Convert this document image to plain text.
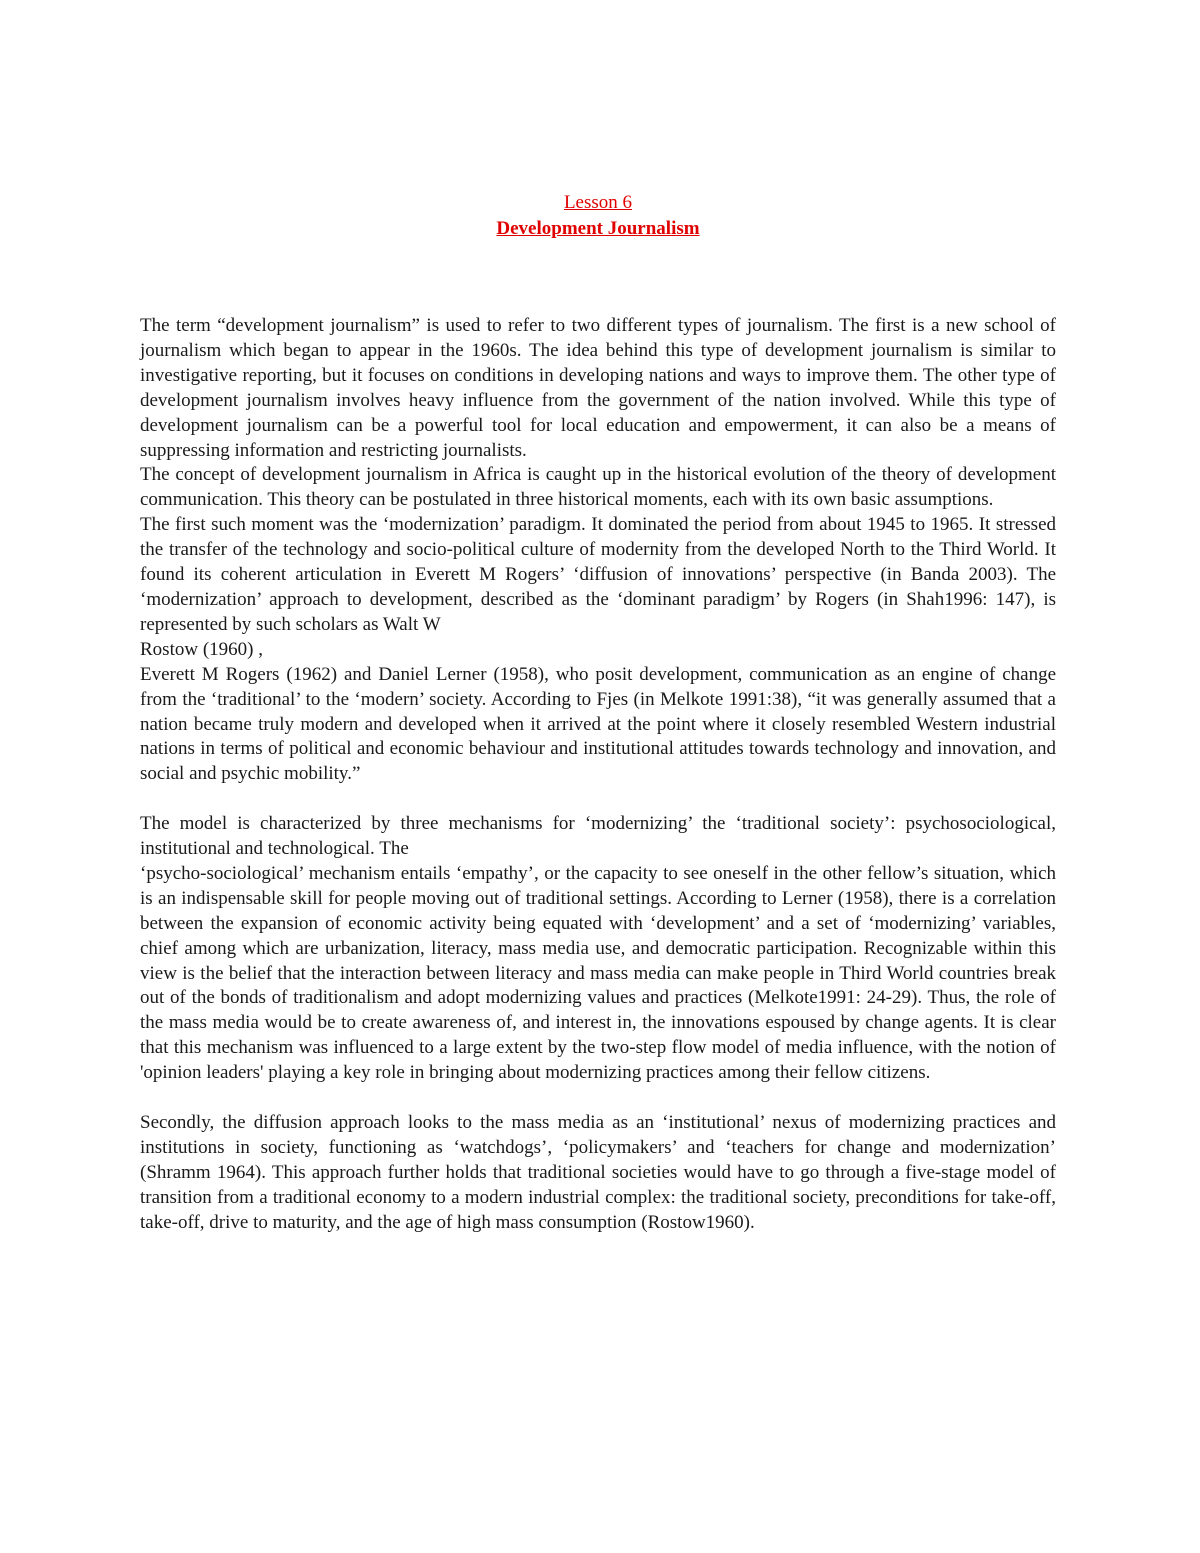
Lesson 6
Development Journalism

The term “development journalism” is used to refer to two different types of journalism. The first is a new school of journalism which began to appear in the 1960s. The idea behind this type of development journalism is similar to investigative reporting, but it focuses on conditions in developing nations and ways to improve them. The other type of development journalism involves heavy influence from the government of the nation involved. While this type of development journalism can be a powerful tool for local education and empowerment, it can also be a means of suppressing information and restricting journalists.

The concept of development journalism in Africa is caught up in the historical evolution of the theory of development communication. This theory can be postulated in three historical moments, each with its own basic assumptions.

The first such moment was the ‘modernization’ paradigm. It dominated the period from about 1945 to 1965. It stressed the transfer of the technology and socio-political culture of modernity from the developed North to the Third World. It found its coherent articulation in Everett M Rogers’ ‘diffusion of innovations’ perspective (in Banda 2003). The ‘modernization’ approach to development, described as the ‘dominant paradigm’ by Rogers (in Shah1996: 147), is represented by such scholars as Walt W

Rostow (1960) ,

Everett M Rogers (1962) and Daniel Lerner (1958), who posit development, communication as an engine of change from the ‘traditional’ to the ‘modern’ society. According to Fjes (in Melkote 1991:38), “it was generally assumed that a nation became truly modern and developed when it arrived at the point where it closely resembled Western industrial nations in terms of political and economic behaviour and institutional attitudes towards technology and innovation, and social and psychic mobility.”

The model is characterized by three mechanisms for ‘modernizing’ the ‘traditional society’: psychosociological, institutional and technological. The

‘psycho-sociological’ mechanism entails ‘empathy’, or the capacity to see oneself in the other fellow’s situation, which is an indispensable skill for people moving out of traditional settings. According to Lerner (1958), there is a correlation between the expansion of economic activity being equated with ‘development’ and a set of ‘modernizing’ variables, chief among which are urbanization, literacy, mass media use, and democratic participation. Recognizable within this view is the belief that the interaction between literacy and mass media can make people in Third World countries break out of the bonds of traditionalism and adopt modernizing values and practices (Melkote1991: 24-29). Thus, the role of the mass media would be to create awareness of, and interest in, the innovations espoused by change agents. It is clear that this mechanism was influenced to a large extent by the two-step flow model of media influence, with the notion of 'opinion leaders' playing a key role in bringing about modernizing practices among their fellow citizens.

Secondly, the diffusion approach looks to the mass media as an ‘institutional’ nexus of modernizing practices and institutions in society, functioning as ‘watchdogs’, ‘policymakers’ and ‘teachers for change and modernization’ (Shramm 1964). This approach further holds that traditional societies would have to go through a five-stage model of transition from a traditional economy to a modern industrial complex: the traditional society, preconditions for take-off, take-off, drive to maturity, and the age of high mass consumption (Rostow1960).
